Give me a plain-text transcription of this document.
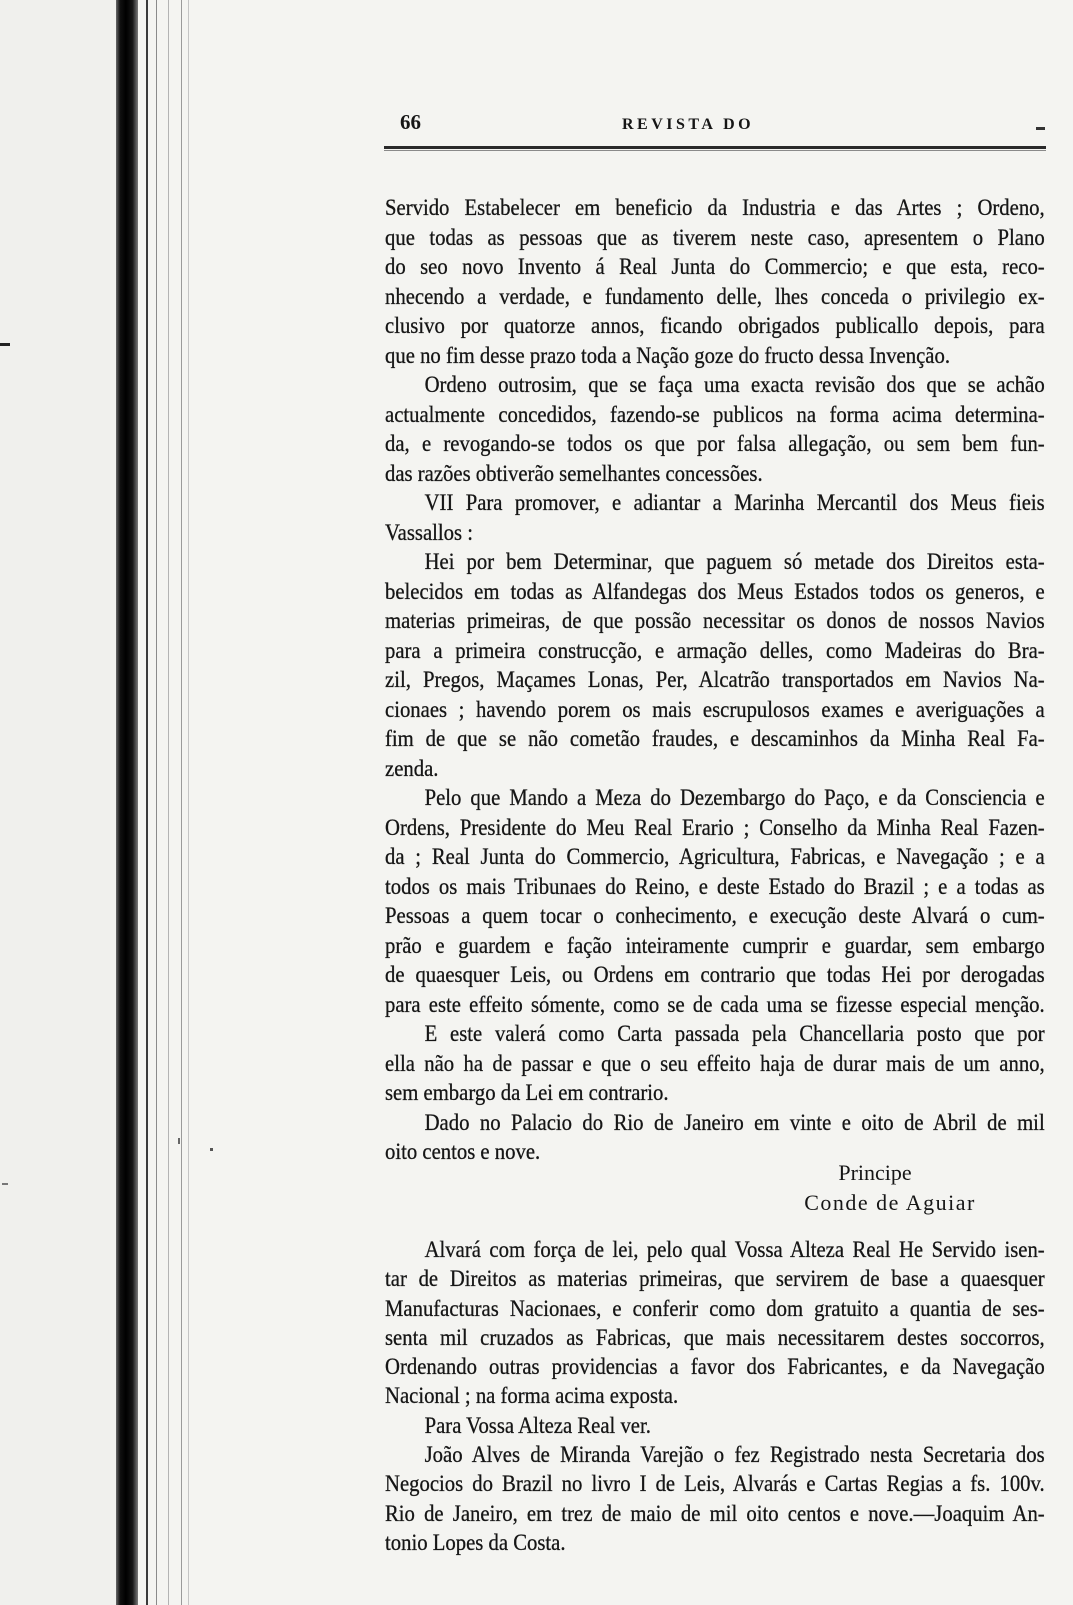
66	REVISTA DO
Servido Estabelecer em beneficio da Industria e das Artes ; Ordeno,
que todas as pessoas que as tiverem neste caso, apresentem o Plano
do seo novo Invento á Real Junta do Commercio; e que esta, reco-
nhecendo a verdade, e fundamento delle, lhes conceda o privilegio ex-
clusivo por quatorze annos, ficando obrigados publicallo depois, para
que no fim desse prazo toda a Nação goze do fructo dessa Invenção.
Ordeno outrosim, que se faça uma exacta revisão dos que se achão
actualmente concedidos, fazendo-se publicos na forma acima determina-
da, e revogando-se todos os que por falsa allegação, ou sem bem fun-
das razões obtiverão semelhantes concessões.
VII Para promover, e adiantar a Marinha Mercantil dos Meus fieis
Vassallos :
Hei por bem Determinar, que paguem só metade dos Direitos esta-
belecidos em todas as Alfandegas dos Meus Estados todos os generos, e
materias primeiras, de que possão necessitar os donos de nossos Navios
para a primeira construcção, e armação delles, como Madeiras do Bra-
zil, Pregos, Maçames Lonas, Per, Alcatrão transportados em Navios Na-
cionaes ; havendo porem os mais escrupulosos exames e averiguações a
fim de que se não cometão fraudes, e descaminhos da Minha Real Fa-
zenda.
Pelo que Mando a Meza do Dezembargo do Paço, e da Consciencia e
Ordens, Presidente do Meu Real Erario ; Conselho da Minha Real Fazen-
da ; Real Junta do Commercio, Agricultura, Fabricas, e Navegação ; e a
todos os mais Tribunaes do Reino, e deste Estado do Brazil ; e a todas as
Pessoas a quem tocar o conhecimento, e execução deste Alvará o cum-
prão e guardem e fação inteiramente cumprir e guardar, sem embargo
de quaesquer Leis, ou Ordens em contrario que todas Hei por derogadas
para este effeito sómente, como se de cada uma se fizesse especial menção.
E este valerá como Carta passada pela Chancellaria posto que por
ella não ha de passar e que o seu effeito haja de durar mais de um anno,
sem embargo da Lei em contrario.
Dado no Palacio do Rio de Janeiro em vinte e oito de Abril de mil
oito centos e nove.
Principe
Conde de Aguiar
Alvará com força de lei, pelo qual Vossa Alteza Real He Servido isen-
tar de Direitos as materias primeiras, que servirem de base a quaesquer
Manufacturas Nacionaes, e conferir como dom gratuito a quantia de ses-
senta mil cruzados as Fabricas, que mais necessitarem destes soccorros,
Ordenando outras providencias a favor dos Fabricantes, e da Navegação
Nacional ; na forma acima exposta.
Para Vossa Alteza Real ver.
João Alves de Miranda Varejão o fez Registrado nesta Secretaria dos
Negocios do Brazil no livro I de Leis, Alvarás e Cartas Regias a fs. 100v.
Rio de Janeiro, em trez de maio de mil oito centos e nove.—Joaquim An-
tonio Lopes da Costa.
